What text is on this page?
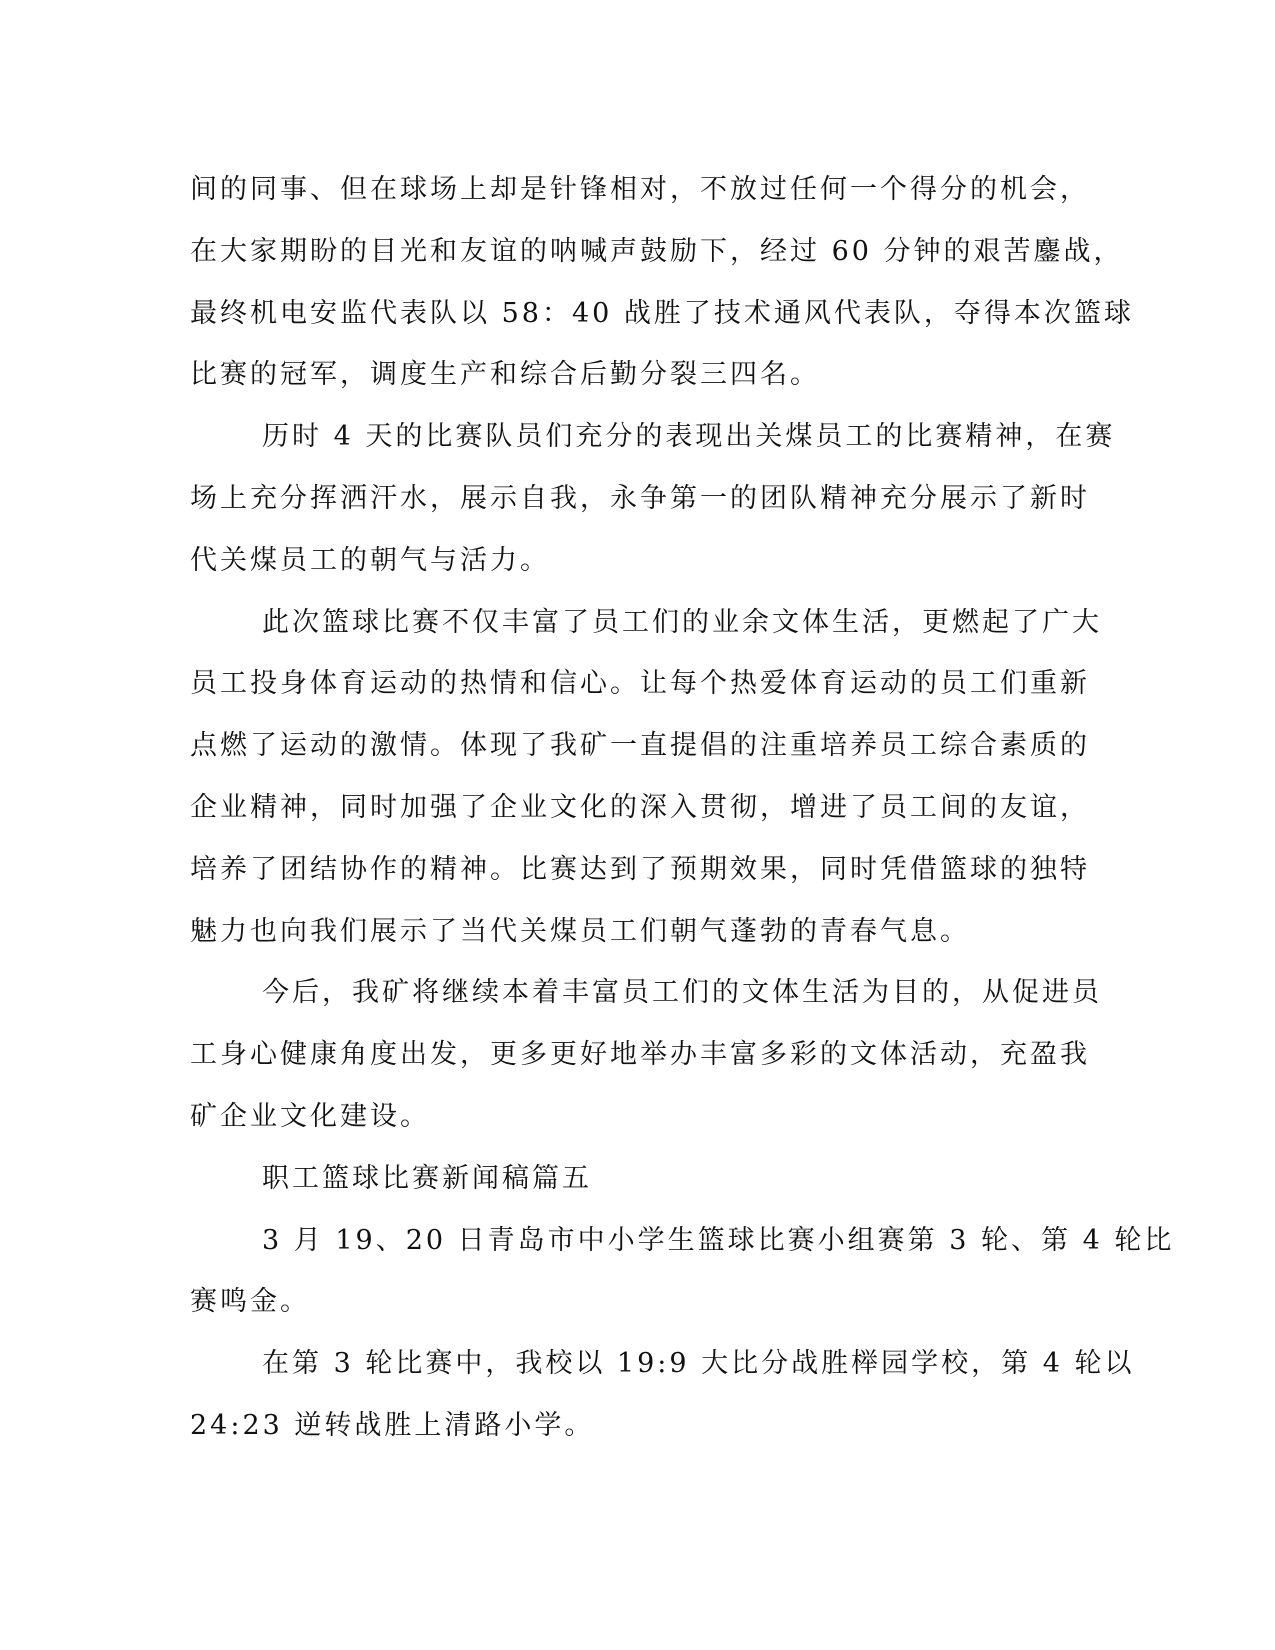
间的同事、但在球场上却是针锋相对，不放过任何一个得分的机会，
在大家期盼的目光和友谊的呐喊声鼓励下，经过 60 分钟的艰苦鏖战，
最终机电安监代表队以 58：40 战胜了技术通风代表队，夺得本次篮球
比赛的冠军，调度生产和综合后勤分裂三四名。
历时 4 天的比赛队员们充分的表现出关煤员工的比赛精神，在赛
场上充分挥洒汗水，展示自我，永争第一的团队精神充分展示了新时
代关煤员工的朝气与活力。
此次篮球比赛不仅丰富了员工们的业余文体生活，更燃起了广大
员工投身体育运动的热情和信心。让每个热爱体育运动的员工们重新
点燃了运动的激情。体现了我矿一直提倡的注重培养员工综合素质的
企业精神，同时加强了企业文化的深入贯彻，增进了员工间的友谊，
培养了团结协作的精神。比赛达到了预期效果，同时凭借篮球的独特
魅力也向我们展示了当代关煤员工们朝气蓬勃的青春气息。
今后，我矿将继续本着丰富员工们的文体生活为目的，从促进员
工身心健康角度出发，更多更好地举办丰富多彩的文体活动，充盈我
矿企业文化建设。
职工篮球比赛新闻稿篇五
3 月 19、20 日青岛市中小学生篮球比赛小组赛第 3 轮、第 4 轮比
赛鸣金。
在第 3 轮比赛中，我校以 19:9 大比分战胜榉园学校，第 4 轮以
24:23 逆转战胜上清路小学。
